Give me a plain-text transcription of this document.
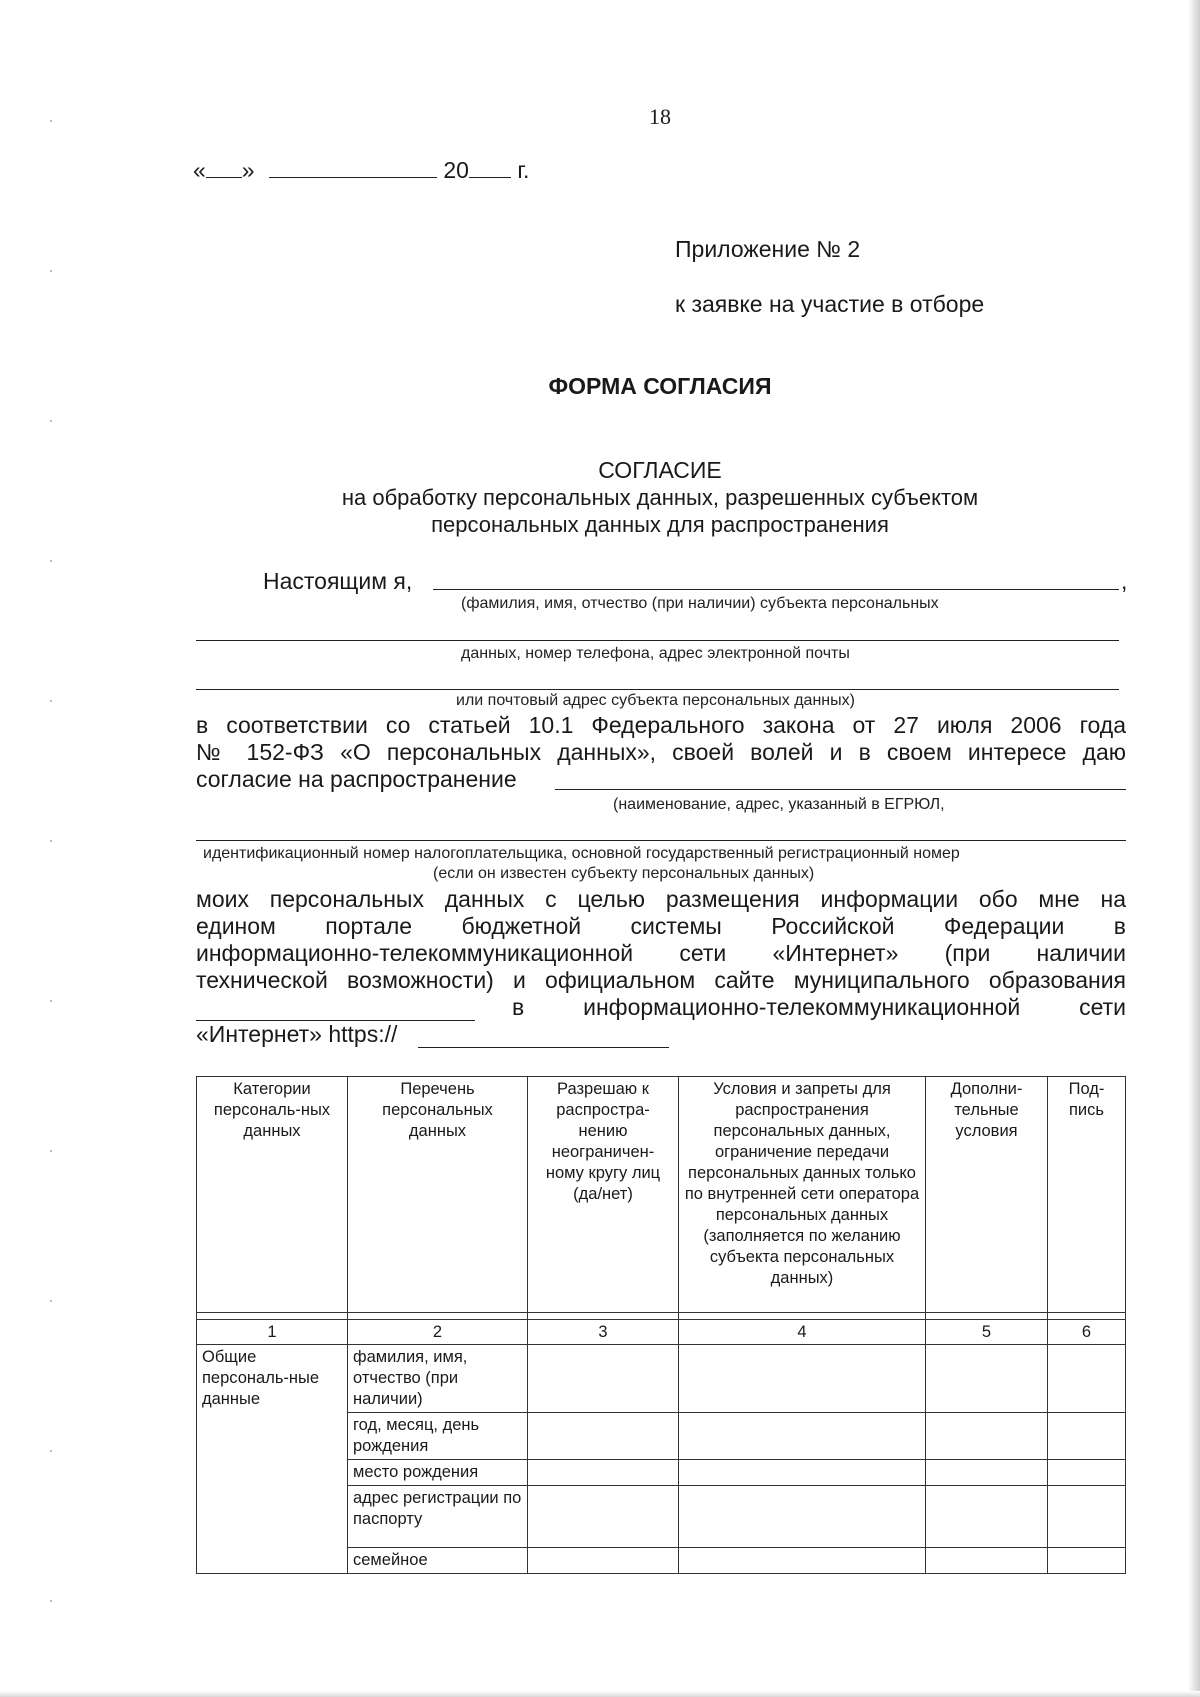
18
« »	20 г.
Приложение № 2
к заявке на участие в отборе
ФОРМА СОГЛАСИЯ
СОГЛАСИЕ
на обработку персональных данных, разрешенных субъектом
персональных данных для распространения
Настоящим я,	,
(фамилия, имя, отчество (при наличии) субъекта персональных
данных, номер телефона, адрес электронной почты
или почтовый адрес субъекта персональных данных)
в соответствии со статьей 10.1 Федерального закона от 27 июля 2006 года
№ 152-ФЗ «О персональных данных», своей волей и в своем интересе даю
согласие на распространение
(наименование, адрес, указанный в ЕГРЮЛ,
идентификационный номер налогоплательщика, основной государственный регистрационный номер
(если он известен субъекту персональных данных)
моих персональных данных с целью размещения информации обо мне на
едином портале бюджетной системы Российской Федерации в
информационно-телекоммуникационной сети «Интернет» (при наличии
технической возможности) и официальном сайте муниципального образования
в информационно-телекоммуникационной сети
«Интернет» https://
Категории персональ-ных данных	Перечень персональных данных	Разрешаю к распростра-нению неограничен-ному кругу лиц (да/нет)	Условия и запреты для распространения персональных данных, ограничение передачи персональных данных только по внутренней сети оператора персональных данных (заполняется по желанию субъекта персональных данных)	Дополни-тельные условия	Под-пись

1	2	3	4	5	6
Общие персональ-ные данные	фамилия, имя, отчество (при наличии)				
	год, месяц, день рождения				
	место рождения				
	адрес регистрации по паспорту				
	семейное				
